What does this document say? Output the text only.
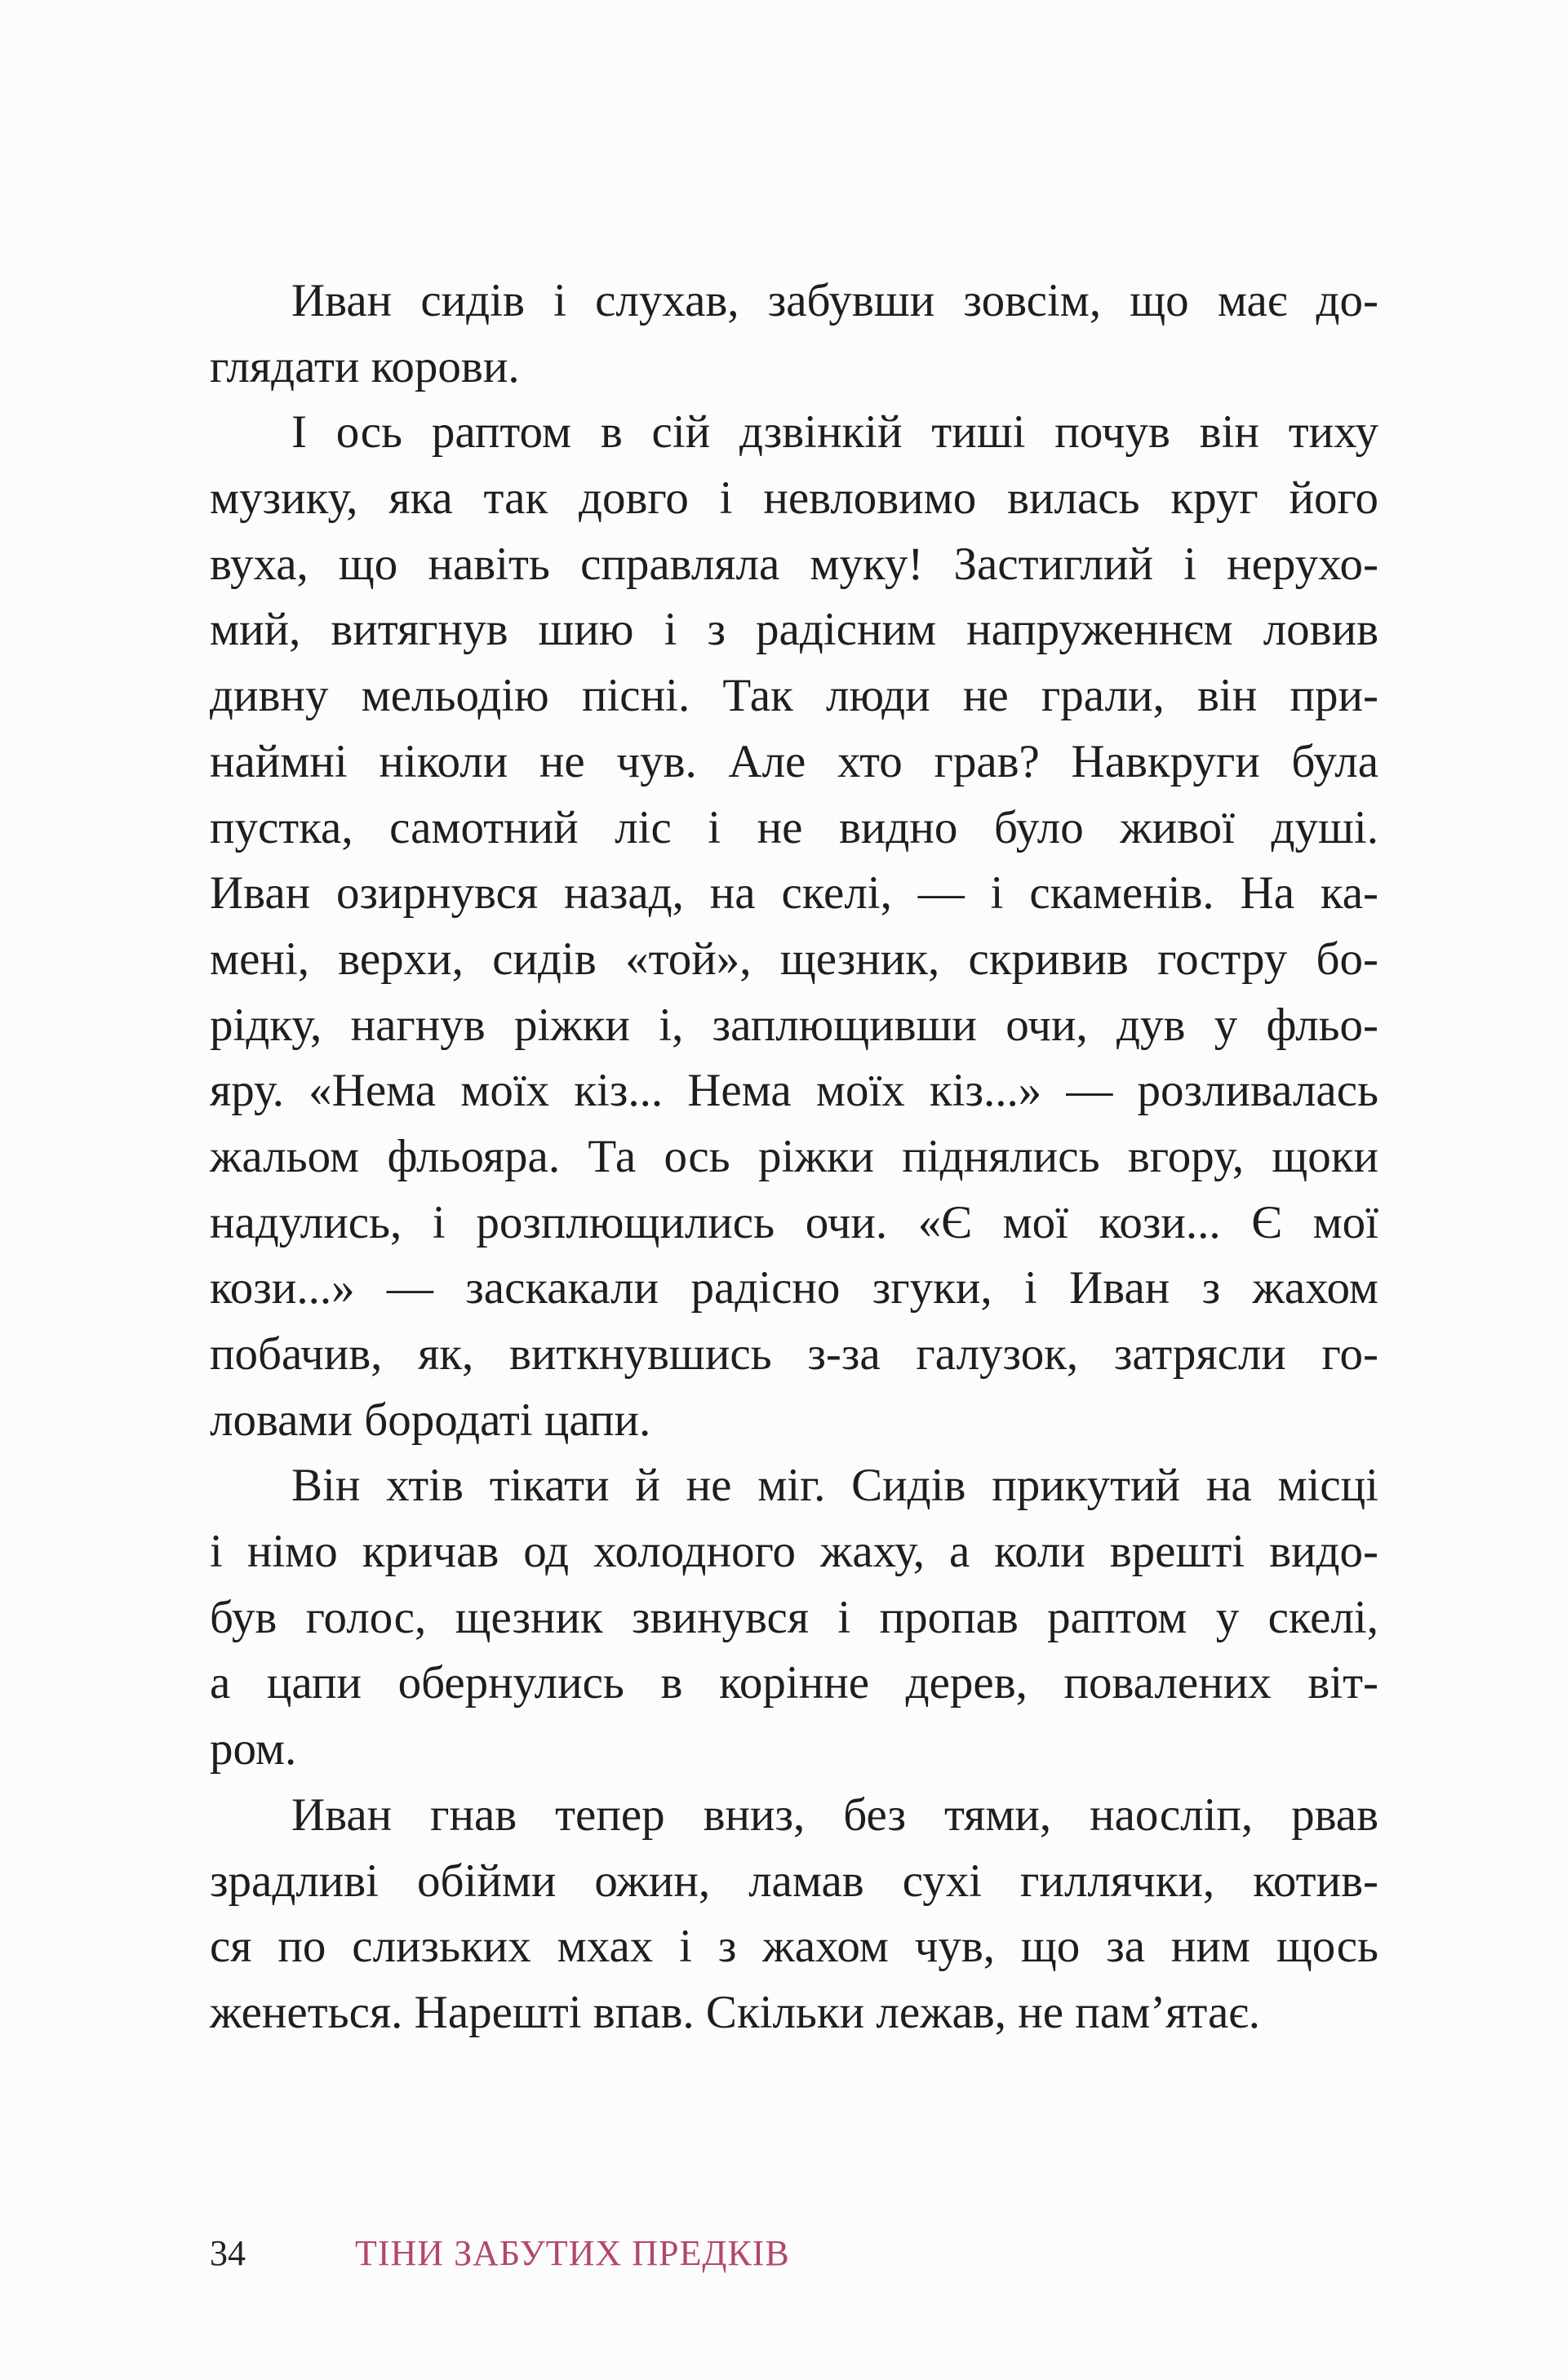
Иван сидів і слухав, забувши зовсім, що має до-
глядати корови.
І ось раптом в сій дзвінкій тиші почув він тиху
музику, яка так довго і невловимо вилась круг його
вуха, що навіть справляла муку! Застиглий і нерухо-
мий, витягнув шию і з радісним напруженнєм ловив
дивну мельодію пісні. Так люди не грали, він при-
наймні ніколи не чув. Але хто грав? Навкруги була
пустка, самотний ліс і не видно було живої душі.
Иван озирнувся назад, на скелі, — і скаменів. На ка-
мені, верхи, сидів «той», щезник, скривив гостру бо-
рідку, нагнув ріжки і, заплющивши очи, дув у фльо-
яру. «Нема моїх кіз... Нема моїх кіз...» — розливалась
жальом фльояра. Та ось ріжки піднялись вгору, щоки
надулись, і розплющились очи. «Є мої кози... Є мої
кози...» — заскакали радісно згуки, і Иван з жахом
побачив, як, виткнувшись з-за галузок, затрясли го-
ловами бородаті цапи.
Він хтів тікати й не міг. Сидів прикутий на місці
і німо кричав од холодного жаху, а коли врешті видо-
був голос, щезник звинувся і пропав раптом у скелі,
а цапи обернулись в корінне дерев, повалених віт-
ром.
Иван гнав тепер вниз, без тями, наосліп, рвав
зрадливі обійми ожин, ламав сухі гиллячки, котив-
ся по слизьких мхах і з жахом чув, що за ним щось
женеться. Нарешті впав. Скільки лежав, не пам’ятає.
34	ТІНИ ЗАБУТИХ ПРЕДКІВ
